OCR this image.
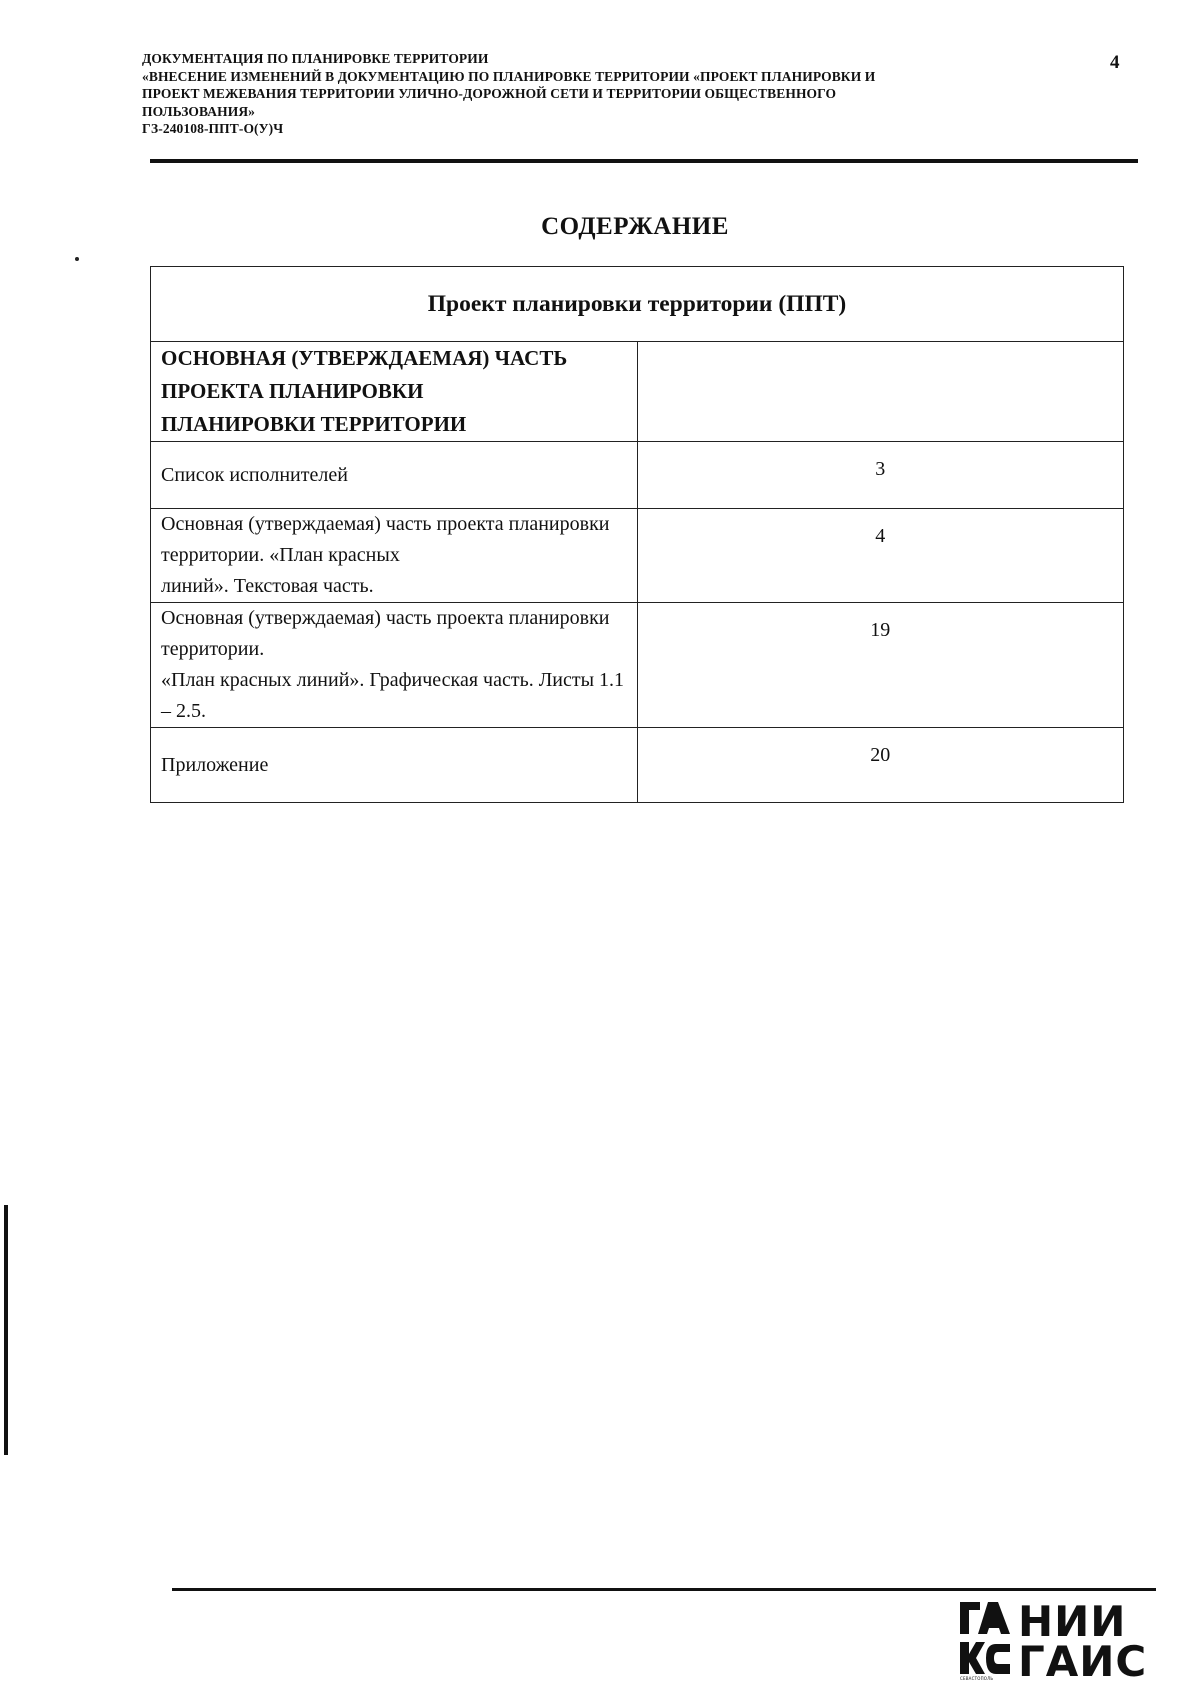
ДОКУМЕНТАЦИЯ ПО ПЛАНИРОВКЕ ТЕРРИТОРИИ
«ВНЕСЕНИЕ ИЗМЕНЕНИЙ В ДОКУМЕНТАЦИЮ ПО ПЛАНИРОВКЕ ТЕРРИТОРИИ «ПРОЕКТ ПЛАНИРОВКИ И
ПРОЕКТ МЕЖЕВАНИЯ ТЕРРИТОРИИ УЛИЧНО-ДОРОЖНОЙ СЕТИ И ТЕРРИТОРИИ ОБЩЕСТВЕННОГО
ПОЛЬЗОВАНИЯ»
ГЗ-240108-ППТ-О(У)Ч
4
СОДЕРЖАНИЕ
Проект планировки территории (ППТ)	
ОСНОВНАЯ (УТВЕРЖДАЕМАЯ) ЧАСТЬ ПРОЕКТА ПЛАНИРОВКИ
ПЛАНИРОВКИ ТЕРРИТОРИИ	
Список исполнителей	3
Основная (утверждаемая) часть проекта планировки территории. «План красных
линий». Текстовая часть.	4
Основная (утверждаемая) часть проекта планировки территории.
«План красных линий». Графическая часть. Листы 1.1 – 2.5.	19
Приложение	20
НИИ
ГАИС
СЕВАСТОПОЛЬ
